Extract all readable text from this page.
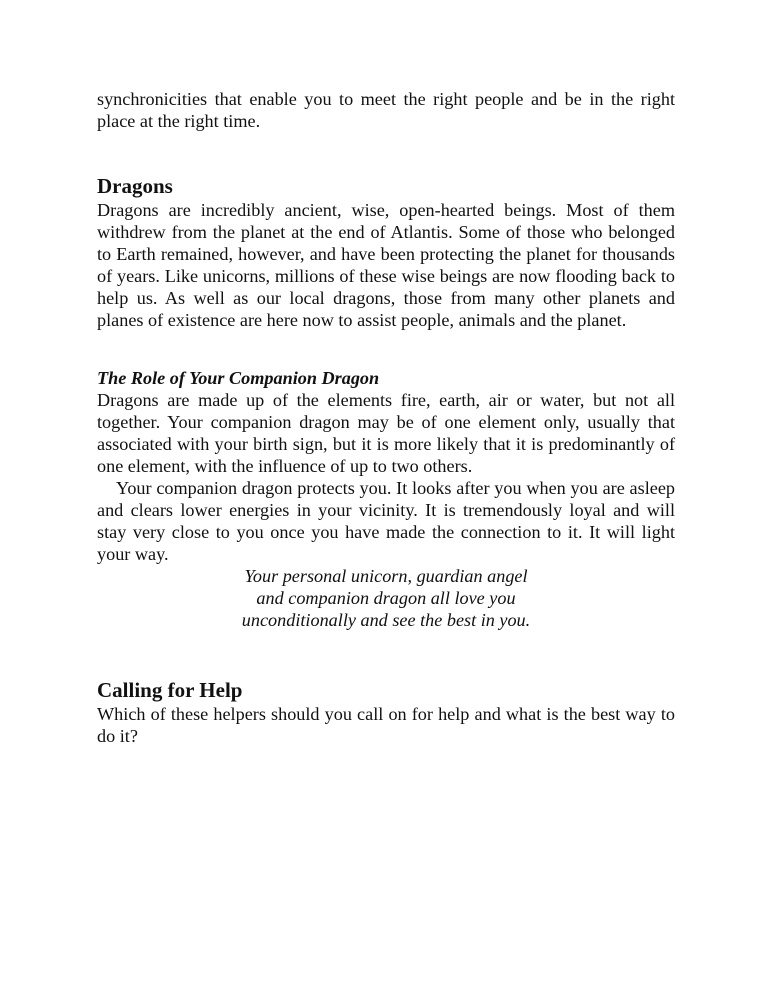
synchronicities that enable you to meet the right people and be in the right place at the right time.

Dragons

Dragons are incredibly ancient, wise, open-hearted beings. Most of them withdrew from the planet at the end of Atlantis. Some of those who belonged to Earth remained, however, and have been protecting the planet for thousands of years. Like unicorns, millions of these wise beings are now flooding back to help us. As well as our local dragons, those from many other planets and planes of existence are here now to assist people, animals and the planet.

The Role of Your Companion Dragon

Dragons are made up of the elements fire, earth, air or water, but not all together. Your companion dragon may be of one element only, usually that associated with your birth sign, but it is more likely that it is predominantly of one element, with the influence of up to two others.

Your companion dragon protects you. It looks after you when you are asleep and clears lower energies in your vicinity. It is tremendously loyal and will stay very close to you once you have made the connection to it. It will light your way.

Your personal unicorn, guardian angel
and companion dragon all love you
unconditionally and see the best in you.

Calling for Help

Which of these helpers should you call on for help and what is the best way to do it?
